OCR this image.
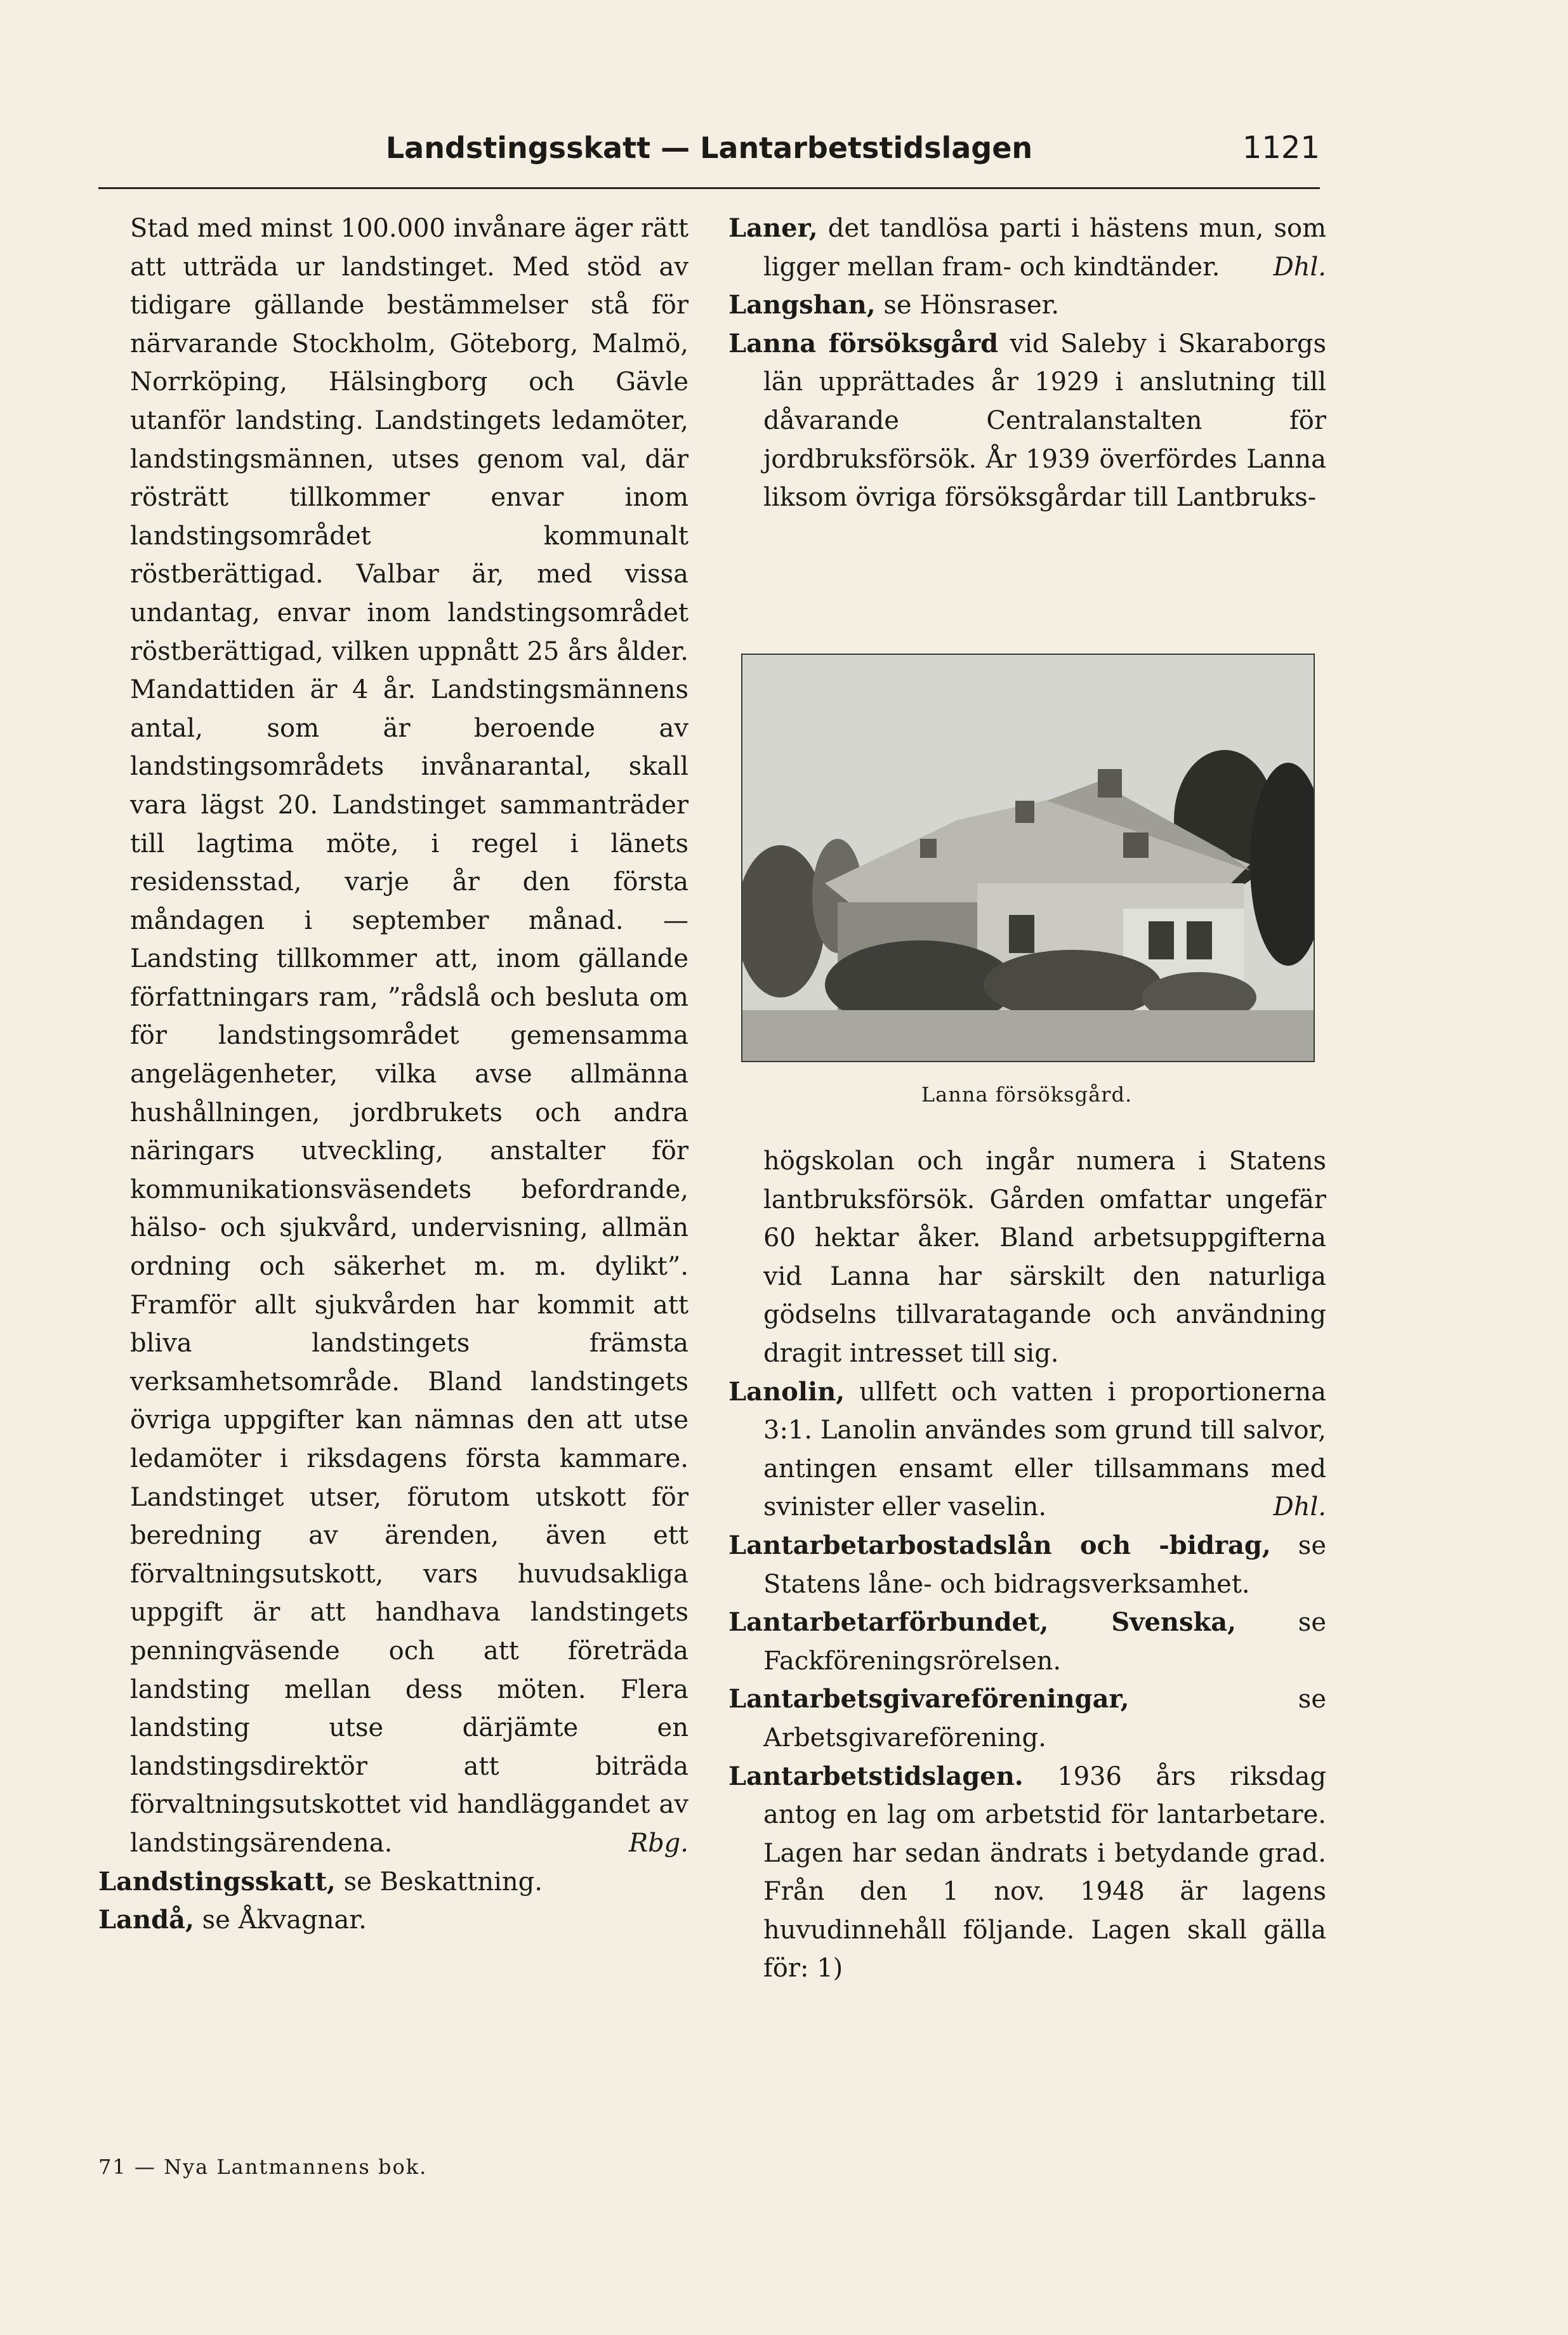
Landstingsskatt — Lantarbetstidslagen	1121

Stad med minst 100.000 invånare äger rätt att utträda ur landstinget. Med stöd av tidigare gällande bestämmelser stå för närvarande Stockholm, Göteborg, Malmö, Norrköping, Hälsingborg och Gävle utanför landsting. Landstingets ledamöter, landstingsmännen, utses genom val, där rösträtt tillkommer envar inom landstingsområdet kommunalt röstberättigad. Valbar är, med vissa undantag, envar inom landstingsområdet röstberättigad, vilken uppnått 25 års ålder. Mandattiden är 4 år. Landstingsmännens antal, som är beroende av landstingsområdets invånarantal, skall vara lägst 20. Landstinget sammanträder till lagtima möte, i regel i länets residensstad, varje år den första måndagen i september månad. — Landsting tillkommer att, inom gällande författningars ram, ”rådslå och besluta om för landstingsområdet gemensamma angelägenheter, vilka avse allmänna hushållningen, jordbrukets och andra näringars utveckling, anstalter för kommunikationsväsendets befordrande, hälso- och sjukvård, undervisning, allmän ordning och säkerhet m. m. dylikt”. Framför allt sjukvården har kommit att bliva landstingets främsta verksamhetsområde. Bland landstingets övriga uppgifter kan nämnas den att utse ledamöter i riksdagens första kammare. Landstinget utser, förutom utskott för beredning av ärenden, även ett förvaltningsutskott, vars huvudsakliga uppgift är att handhava landstingets penningväsende och att företräda landsting mellan dess möten. Flera landsting utse därjämte en landstingsdirektör att biträda förvaltningsutskottet vid handläggandet av landstingsärendena.	Rbg.

Landstingsskatt, se Beskattning.

Landå, se Åkvagnar.

Laner, det tandlösa parti i hästens mun, som ligger mellan fram- och kindtänder. Dhl.

Langshan, se Hönsraser.

Lanna försöksgård vid Saleby i Skaraborgs län upprättades år 1929 i anslutning till dåvarande Centralanstalten för jordbruksförsök. År 1939 överfördes Lanna liksom övriga försöksgårdar till Lantbruks-

Lanna försöksgård.

högskolan och ingår numera i Statens lantbruksförsök. Gården omfattar ungefär 60 hektar åker. Bland arbetsuppgifterna vid Lanna har särskilt den naturliga gödselns tillvaratagande och användning dragit intresset till sig.

Lanolin, ullfett och vatten i proportionerna 3:1. Lanolin användes som grund till salvor, antingen ensamt eller tillsammans med svinister eller vaselin.	Dhl.

Lantarbetarbostadslån och -bidrag, se Statens låne- och bidragsverksamhet.

Lantarbetarförbundet, Svenska, se Fackföreningsrörelsen.

Lantarbetsgivareföreningar, se Arbetsgivareförening.

Lantarbetstidslagen. 1936 års riksdag antog en lag om arbetstid för lantarbetare. Lagen har sedan ändrats i betydande grad. Från den 1 nov. 1948 är lagens huvudinnehåll följande. Lagen skall gälla för: 1)

71 — Nya Lantmannens bok.
